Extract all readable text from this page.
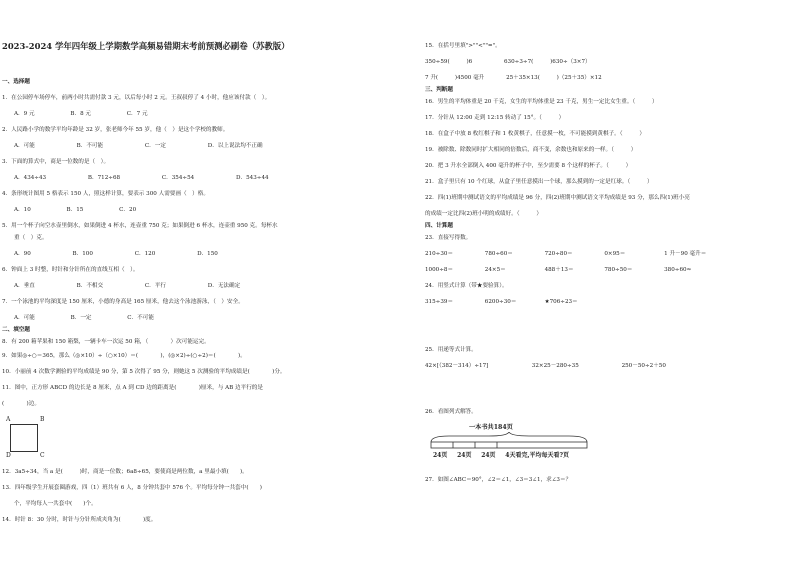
2023-2024 学年四年级上学期数学高频易错期末考前预测必刷卷（苏教版）
一、选择题
1．在公园停车场停车，前两小时共需付款 3 元，以后每小时 2 元。王叔叔停了 4 小时，他应该付款（　）。
A．9 元	B．8 元	C．7 元
2．人民路小学的数学平均年龄是 32 岁，张老师今年 55 岁，他（　）是这个学校的教师。
A．可能	B．不可能	C．一定	D．以上说法均不正确
3．下面的算式中，商是一位数的是（　）。
A．434÷43	B．712÷68	C．354÷54	D．543÷44
4．条形统计图用 5 格表示 150 人，照这样计算，要表示 300 人需要画（　）格。
A．10	B．15	C．20
5．用一个杯子向空水壶里倒水，如果倒进 4 杯水，连壶重 750 克；如果倒进 6 杯水，连壶重 950 克。每杯水
重（　）克。
A．90	B．100	C．120	D．150
6．钟面上 3 时整，时针和分针所在的直线互相（　）。
A．垂直	B．不相交	C．平行	D．无法确定
7．一个泳池的平均深度是 150 厘米，小德的身高是 165 厘米，他去这个泳池游泳，（　）安全。
A．可能	B．一定	C．不可能
二、填空题
8．有 200 箱苹果和 150 箱梨，一辆卡车一次运 50 箱，（　　　　）次可能运完。
9．如果◎÷○＝365，那么（◎×10）÷（○×10）＝(　　　　)，(◎×2)÷(○÷2)＝(　　　　)。
10．小丽前 4 次数学测验的平均成绩是 90 分，第 5 次得了 95 分，则她这 5 次测验的平均成绩是(　　　　)分。
11．图中，正方形 ABCD 的边长是 8 厘米，点 A 到 CD 边的距离是(　　　　)厘米，与 AB 边平行的是
(　　　　)边。
A	B
D	C
12．3a5÷34，当 a 是(　　　)时，商是一位数；6a8÷65，要使商是两位数，a 里最小填(　　)。
13．四年级学生开展套圈游戏，四（1）班共有 6 人，8 分钟共套中 576 个。平均每分钟一共套中(　　)
个，平均每人一共套中(　　)个。
14．时针 8：30 分时，时针与分针所成夹角为(　　　　)度。
15．在括号里填">""<""="。
350÷59(　　　)6	630÷3÷7(　　　)630÷（3×7）
7 升(　　　)4500 毫升	25＋35×13(　　　)（25＋35）×12
三、判断题
16．男生的平均体重是 20 千克，女生的平均体重是 23 千克，男生一定比女生重。（　　　）
17．分针从 12:00 走到 12:15 转动了 15°。（　　　）
18．在盒子中放 8 枚红棋子和 1 枚黄棋子，任意摸一枚，不可能摸到黄棋子。（　　　）
19．被除数、除数同时扩大相同的倍数后，商不变，余数也和原来的一样。（　　　）
20．把 3 升水全部倒入 400 毫升的杯子中，至少需要 8 个这样的杯子。（　　　）
21．盒子里只有 10 个红球，从盒子里任意摸出一个球，那么摸到的一定是红球。（　　　）
22．四(1)班期中测试语文的平均成绩是 96 分，四(2)班期中测试语文平均成绩是 93 分，那么四(1)班小亮
的成绩一定比四(2)班小明的成绩好。（　　　）
四、计算题
23．直接写得数。
210÷30＝	780÷60＝	720÷80＝	0×95＝	1 升－90 毫升＝
1000÷8＝	24×5＝	488＋13＝	780÷50＝	380÷60≈
24．用竖式计算（带★要验算）。
315÷39＝	6200÷30＝	★706÷23＝
25．用递等式计算。
42×[（382－314）÷17]	32×25－280÷35	250－50÷2＋50
26．看图列式解答。
一本书共184页
24页 24页 24页 4天看完,平均每天看?页
27．如图∠ABC＝90°，∠2＝∠1，∠3＝3∠1，求∠3＝？
